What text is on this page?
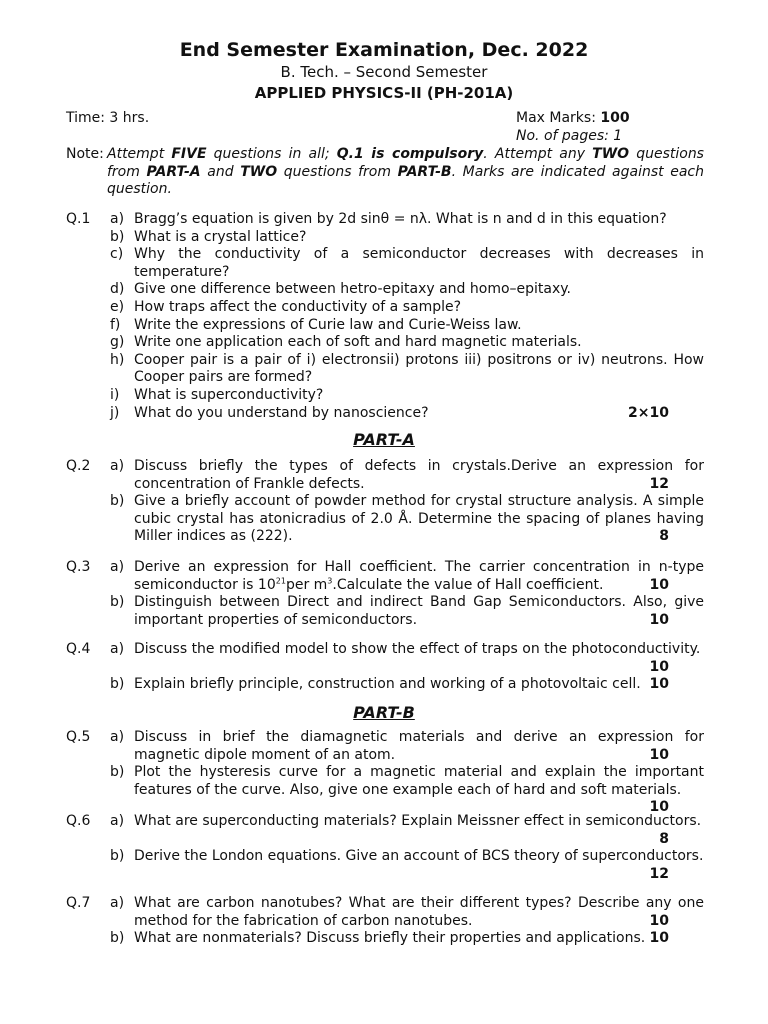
End Semester Examination, Dec. 2022
B. Tech. – Second Semester
APPLIED PHYSICS-II (PH-201A)
Time: 3 hrs.	Max Marks: 100
No. of pages: 1
Note: Attempt FIVE questions in all; Q.1 is compulsory. Attempt any TWO questions from PART-A and TWO questions from PART-B. Marks are indicated against each question.
Q.1 a) Bragg’s equation is given by 2d sinθ = nλ. What is n and d in this equation?
b) What is a crystal lattice?
c) Why the conductivity of a semiconductor decreases with decreases in temperature?
d) Give one difference between hetro-epitaxy and homo–epitaxy.
e) How traps affect the conductivity of a sample?
f) Write the expressions of Curie law and Curie-Weiss law.
g) Write one application each of soft and hard magnetic materials.
h) Cooper pair is a pair of i) electronsii) protons iii) positrons or iv) neutrons. How Cooper pairs are formed?
i) What is superconductivity?
j) What do you understand by nanoscience?	2×10
PART-A
Q.2 a) Discuss briefly the types of defects in crystals.Derive an expression for concentration of Frankle defects.	12
b) Give a briefly account of powder method for crystal structure analysis. A simple cubic crystal has atonicradius of 2.0 Å. Determine the spacing of planes having Miller indices as (222).	8
Q.3 a) Derive an expression for Hall coefficient. The carrier concentration in n-type semiconductor is $10^{21}per$ $m^3.Calculate$ the value of Hall coefficient.	10
b) Distinguish between Direct and indirect Band Gap Semiconductors. Also, give important properties of semiconductors.	10
Q.4 a) Discuss the modified model to show the effect of traps on the photoconductivity.
10
b) Explain briefly principle, construction and working of a photovoltaic cell. 10
PART-B
Q.5 a) Discuss in brief the diamagnetic materials and derive an expression for magnetic dipole moment of an atom.	10
b) Plot the hysteresis curve for a magnetic material and explain the important features of the curve. Also, give one example each of hard and soft materials.
10
Q.6 a) What are superconducting materials? Explain Meissner effect in semiconductors.
8
b) Derive the London equations. Give an account of BCS theory of superconductors.
12
Q.7 a) What are carbon nanotubes? What are their different types? Describe any one method for the fabrication of carbon nanotubes.	10
b) What are nonmaterials? Discuss briefly their properties and applications. 10
